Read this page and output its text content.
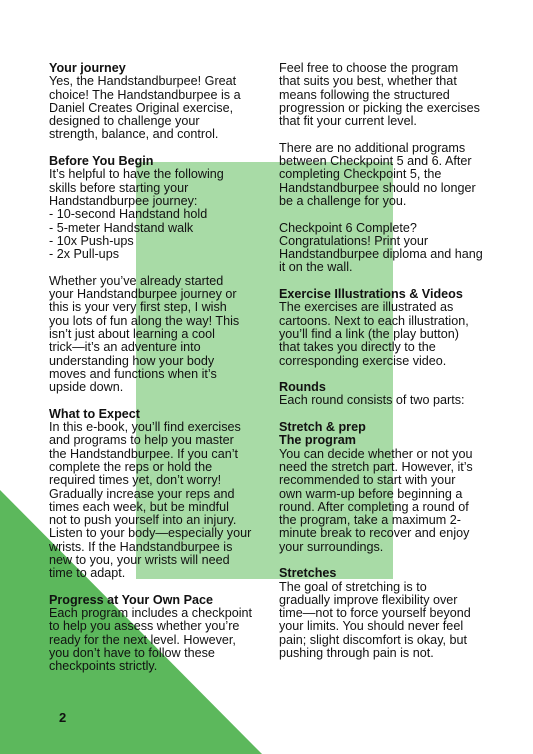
Your journey

Yes, the Handstandburpee! Great
choice! The Handstandburpee is a
Daniel Creates Original exercise,
designed to challenge your
strength, balance, and control.

Before You Begin

It’s helpful to have the following
skills before starting your
Handstandburpee journey:
- 10-second Handstand hold
- 5-meter Handstand walk
- 10x Push-ups
- 2x Pull-ups

Whether you’ve already started
your Handstandburpee journey or
this is your very first step, I wish
you lots of fun along the way! This
isn’t just about learning a cool
trick—it’s an adventure into
understanding how your body
moves and functions when it’s
upside down.

What to Expect

In this e-book, you’ll find exercises
and programs to help you master
the Handstandburpee. If you can’t
complete the reps or hold the
required times yet, don’t worry!
Gradually increase your reps and
times each week, but be mindful
not to push yourself into an injury.
Listen to your body—especially your
wrists. If the Handstandburpee is
new to you, your wrists will need
time to adapt.

Progress at Your Own Pace

Each program includes a checkpoint
to help you assess whether you’re
ready for the next level. However,
you don’t have to follow these
checkpoints strictly.

Feel free to choose the program
that suits you best, whether that
means following the structured
progression or picking the exercises
that fit your current level.

There are no additional programs
between Checkpoint 5 and 6. After
completing Checkpoint 5, the
Handstandburpee should no longer
be a challenge for you.

Checkpoint 6 Complete?
Congratulations! Print your
Handstandburpee diploma and hang
it on the wall.

Exercise Illustrations & Videos

The exercises are illustrated as
cartoons. Next to each illustration,
you’ll find a link (the play button)
that takes you directly to the
corresponding exercise video.

Rounds

Each round consists of two parts:

Stretch & prep
The program

You can decide whether or not you
need the stretch part. However, it’s
recommended to start with your
own warm-up before beginning a
round. After completing a round of
the program, take a maximum 2-
minute break to recover and enjoy
your surroundings.

Stretches

The goal of stretching is to
gradually improve flexibility over
time—not to force yourself beyond
your limits. You should never feel
pain; slight discomfort is okay, but
pushing through pain is not.

2
